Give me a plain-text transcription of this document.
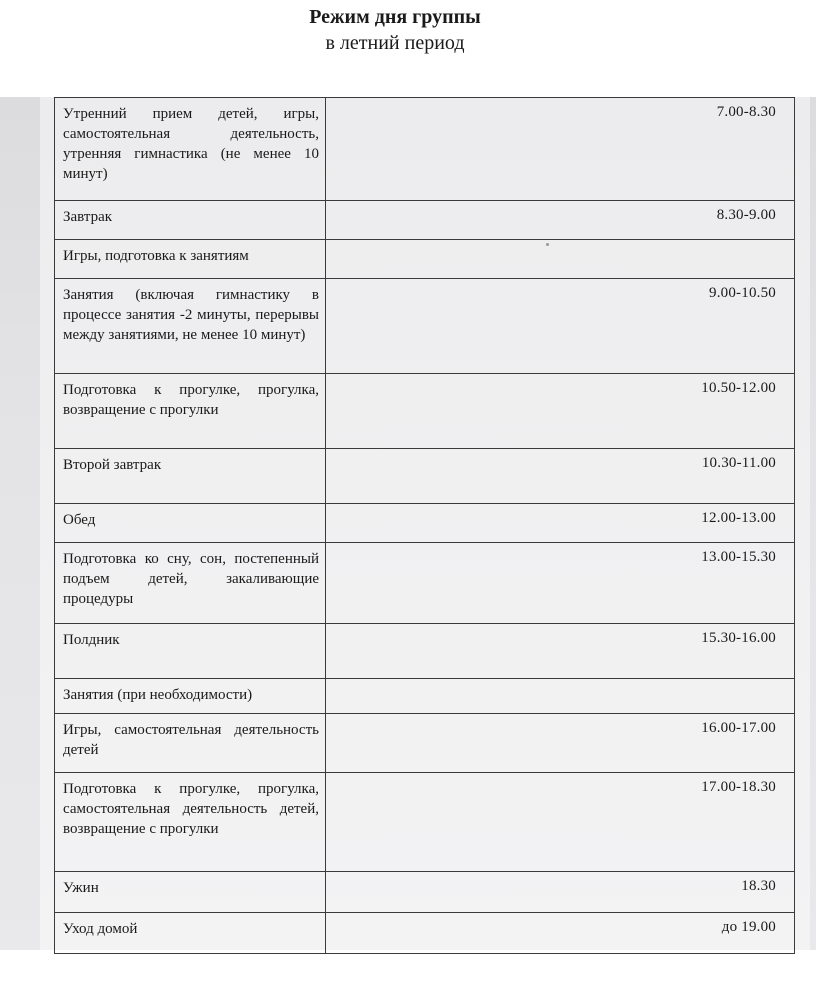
Режим дня группы
в летний период
Утренний прием детей, игры, самостоятельная деятельность, утренняя гимнастика (не менее 10 минут)	7.00-8.30

Завтрак	8.30-9.00

Игры, подготовка к занятиям	

Занятия (включая гимнастику в процессе занятия -2 минуты, перерывы между занятиями, не менее 10 минут)	9.00-10.50

Подготовка к прогулке, прогулка, возвращение с прогулки	10.50-12.00

Второй завтрак	10.30-11.00

Обед	12.00-13.00

Подготовка ко сну, сон, постепенный подъем детей, закаливающие процедуры	13.00-15.30

Полдник	15.30-16.00

Занятия (при необходимости)	

Игры, самостоятельная деятельность детей	16.00-17.00

Подготовка к прогулке, прогулка, самостоятельная деятельность детей, возвращение с прогулки	17.00-18.30

Ужин	18.30

Уход домой	до 19.00
